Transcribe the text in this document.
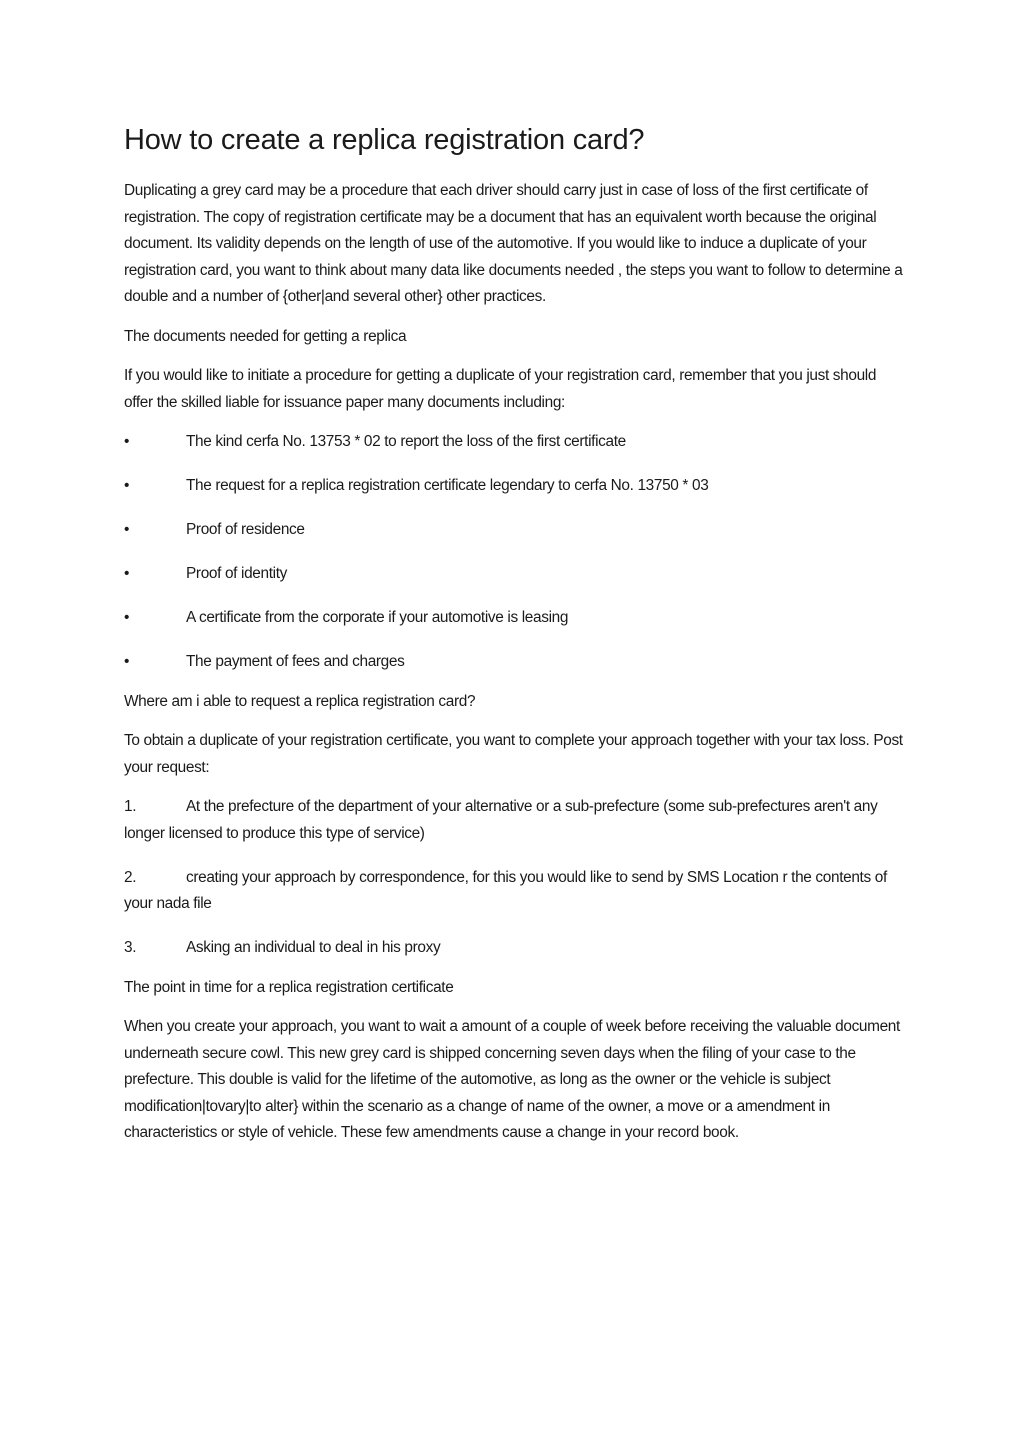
How to create a replica registration card?

Duplicating a grey card may be a procedure that each driver should carry just in case of loss of the first certificate of registration. The copy of registration certificate may be a document that has an equivalent worth because the original document. Its validity depends on the length of use of the automotive. If you would like to induce a duplicate of your registration card, you want to think about many data like documents needed , the steps you want to follow to determine a double and a number of {other|and several other} other practices.

The documents needed for getting a replica

If you would like to initiate a procedure for getting a duplicate of your registration card, remember that you just should offer the skilled liable for issuance paper many documents including:

•	The kind cerfa No. 13753 * 02 to report the loss of the first certificate
•	The request for a replica registration certificate legendary to cerfa No. 13750 * 03
•	Proof of residence
•	Proof of identity
•	A certificate from the corporate if your automotive is leasing
•	The payment of fees and charges

Where am i able to request a replica registration card?

To obtain a duplicate of your registration certificate, you want to complete your approach together with your tax loss. Post your request:

1.	At the prefecture of the department of your alternative or a sub-prefecture (some sub-prefectures aren't any longer licensed to produce this type of service)
2.	creating your approach by correspondence, for this you would like to send by SMS Location r the contents of your nada file
3.	Asking an individual to deal in his proxy

The point in time for a replica registration certificate

When you create your approach, you want to wait a amount of a couple of week before receiving the valuable document underneath secure cowl. This new grey card is shipped concerning seven days when the filing of your case to the prefecture. This double is valid for the lifetime of the automotive, as long as the owner or the vehicle is subject modification|tovary|to alter} within the scenario as a change of name of the owner, a move or a amendment in characteristics or style of vehicle. These few amendments cause a change in your record book.
